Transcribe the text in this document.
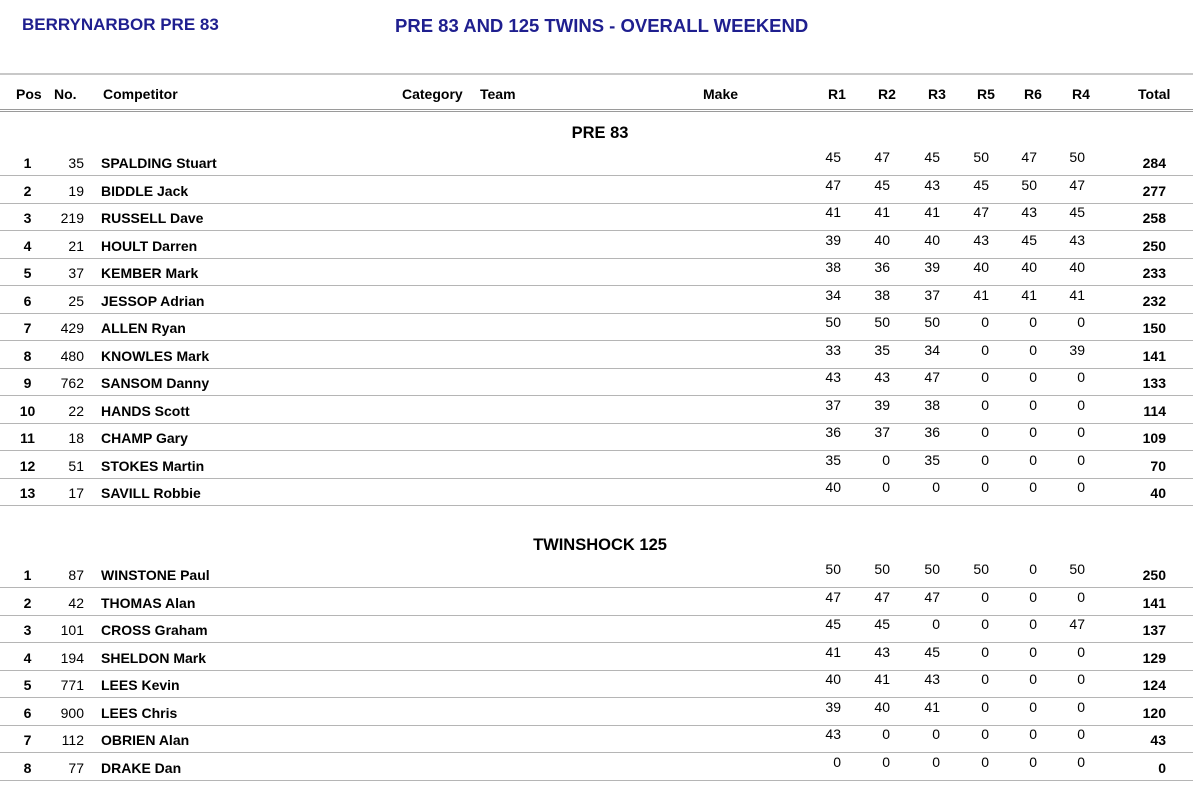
BERRYNARBOR PRE 83	PRE 83 AND 125 TWINS - OVERALL WEEKEND
Pos No. Competitor	Category Team	Make	R1 R2 R3 R5 R6 R4	Total
PRE 83
1	35 SPALDING Stuart	45	47	45	50	47	50	284
2	19 BIDDLE Jack	47	45	43	45	50	47	277
3	219 RUSSELL Dave	41	41	41	47	43	45	258
4	21 HOULT Darren	39	40	40	43	45	43	250
5	37 KEMBER Mark	38	36	39	40	40	40	233
6	25 JESSOP Adrian	34	38	37	41	41	41	232
7	429 ALLEN Ryan	50	50	50	0	0	0	150
8	480 KNOWLES Mark	33	35	34	0	0	39	141
9	762 SANSOM Danny	43	43	47	0	0	0	133
10	22 HANDS Scott	37	39	38	0	0	0	114
11	18 CHAMP Gary	36	37	36	0	0	0	109
12	51 STOKES Martin	35	0	35	0	0	0	70
13	17 SAVILL Robbie	40	0	0	0	0	0	40
TWINSHOCK 125
1	87 WINSTONE Paul	50	50	50	50	0	50	250
2	42 THOMAS Alan	47	47	47	0	0	0	141
3	101 CROSS Graham	45	45	0	0	0	47	137
4	194 SHELDON Mark	41	43	45	0	0	0	129
5	771 LEES Kevin	40	41	43	0	0	0	124
6	900 LEES Chris	39	40	41	0	0	0	120
7	112 OBRIEN Alan	43	0	0	0	0	0	43
8	77 DRAKE Dan	0	0	0	0	0	0	0
